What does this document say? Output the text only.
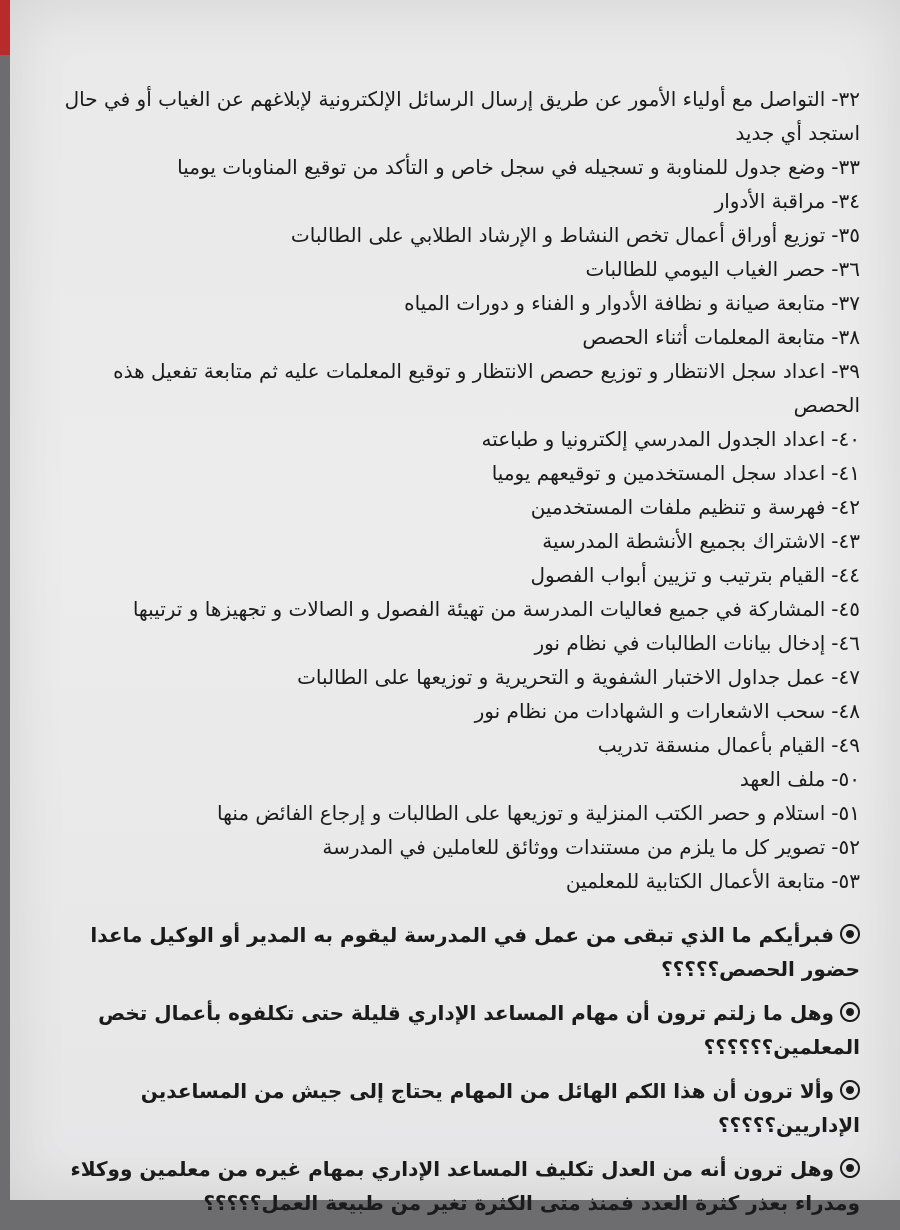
٣٢-التواصل مع أولياء الأمور عن طريق إرسال الرسائل الإلكترونية لإبلاغهم عن الغياب أو في حال استجد أي جديد

٣٣-وضع جدول للمناوبة و تسجيله في سجل خاص و التأكد من توقيع المناوبات يوميا

٣٤-مراقبة الأدوار

٣٥-توزيع أوراق أعمال تخص النشاط و الإرشاد الطلابي على الطالبات

٣٦-حصر الغياب اليومي للطالبات

٣٧-متابعة صيانة و نظافة الأدوار و الفناء و دورات المياه

٣٨-متابعة المعلمات أثناء الحصص

٣٩-اعداد سجل الانتظار و توزيع حصص الانتظار و توقيع المعلمات عليه ثم متابعة تفعيل هذه الحصص

٤٠-اعداد الجدول المدرسي إلكترونيا و طباعته

٤١-اعداد سجل المستخدمين و توقيعهم يوميا

٤٢-فهرسة و تنظيم ملفات المستخدمين

٤٣-الاشتراك بجميع الأنشطة المدرسية

٤٤-القيام بترتيب و تزيين أبواب الفصول

٤٥-المشاركة في جميع فعاليات المدرسة من تهيئة الفصول و الصالات و تجهيزها و ترتيبها

٤٦-إدخال بيانات الطالبات في نظام نور

٤٧-عمل جداول الاختبار الشفوية و التحريرية و توزيعها على الطالبات

٤٨-سحب الاشعارات و الشهادات من نظام نور

٤٩-القيام بأعمال منسقة تدريب

٥٠-ملف العهد

٥١-استلام و حصر الكتب المنزلية و توزيعها على الطالبات و إرجاع الفائض منها

٥٢-تصوير كل ما يلزم من مستندات ووثائق للعاملين في المدرسة

٥٣-متابعة الأعمال الكتابية للمعلمين

فبرأيكم ما الذي تبقى من عمل في المدرسة ليقوم به المدير أو الوكيل ماعدا حضور الحصص؟؟؟؟؟

وهل ما زلتم ترون أن مهام المساعد الإداري قليلة حتى تكلفوه بأعمال تخص المعلمين؟؟؟؟؟؟

وألا ترون أن هذا الكم الهائل من المهام يحتاج إلى جيش من المساعدين الإداريين؟؟؟؟؟

وهل ترون أنه من العدل تكليف المساعد الإداري بمهام غيره من معلمين ووكلاء ومدراء بعذر كثرة العدد فمنذ متى الكثرة تغير من طبيعة العمل؟؟؟؟؟
